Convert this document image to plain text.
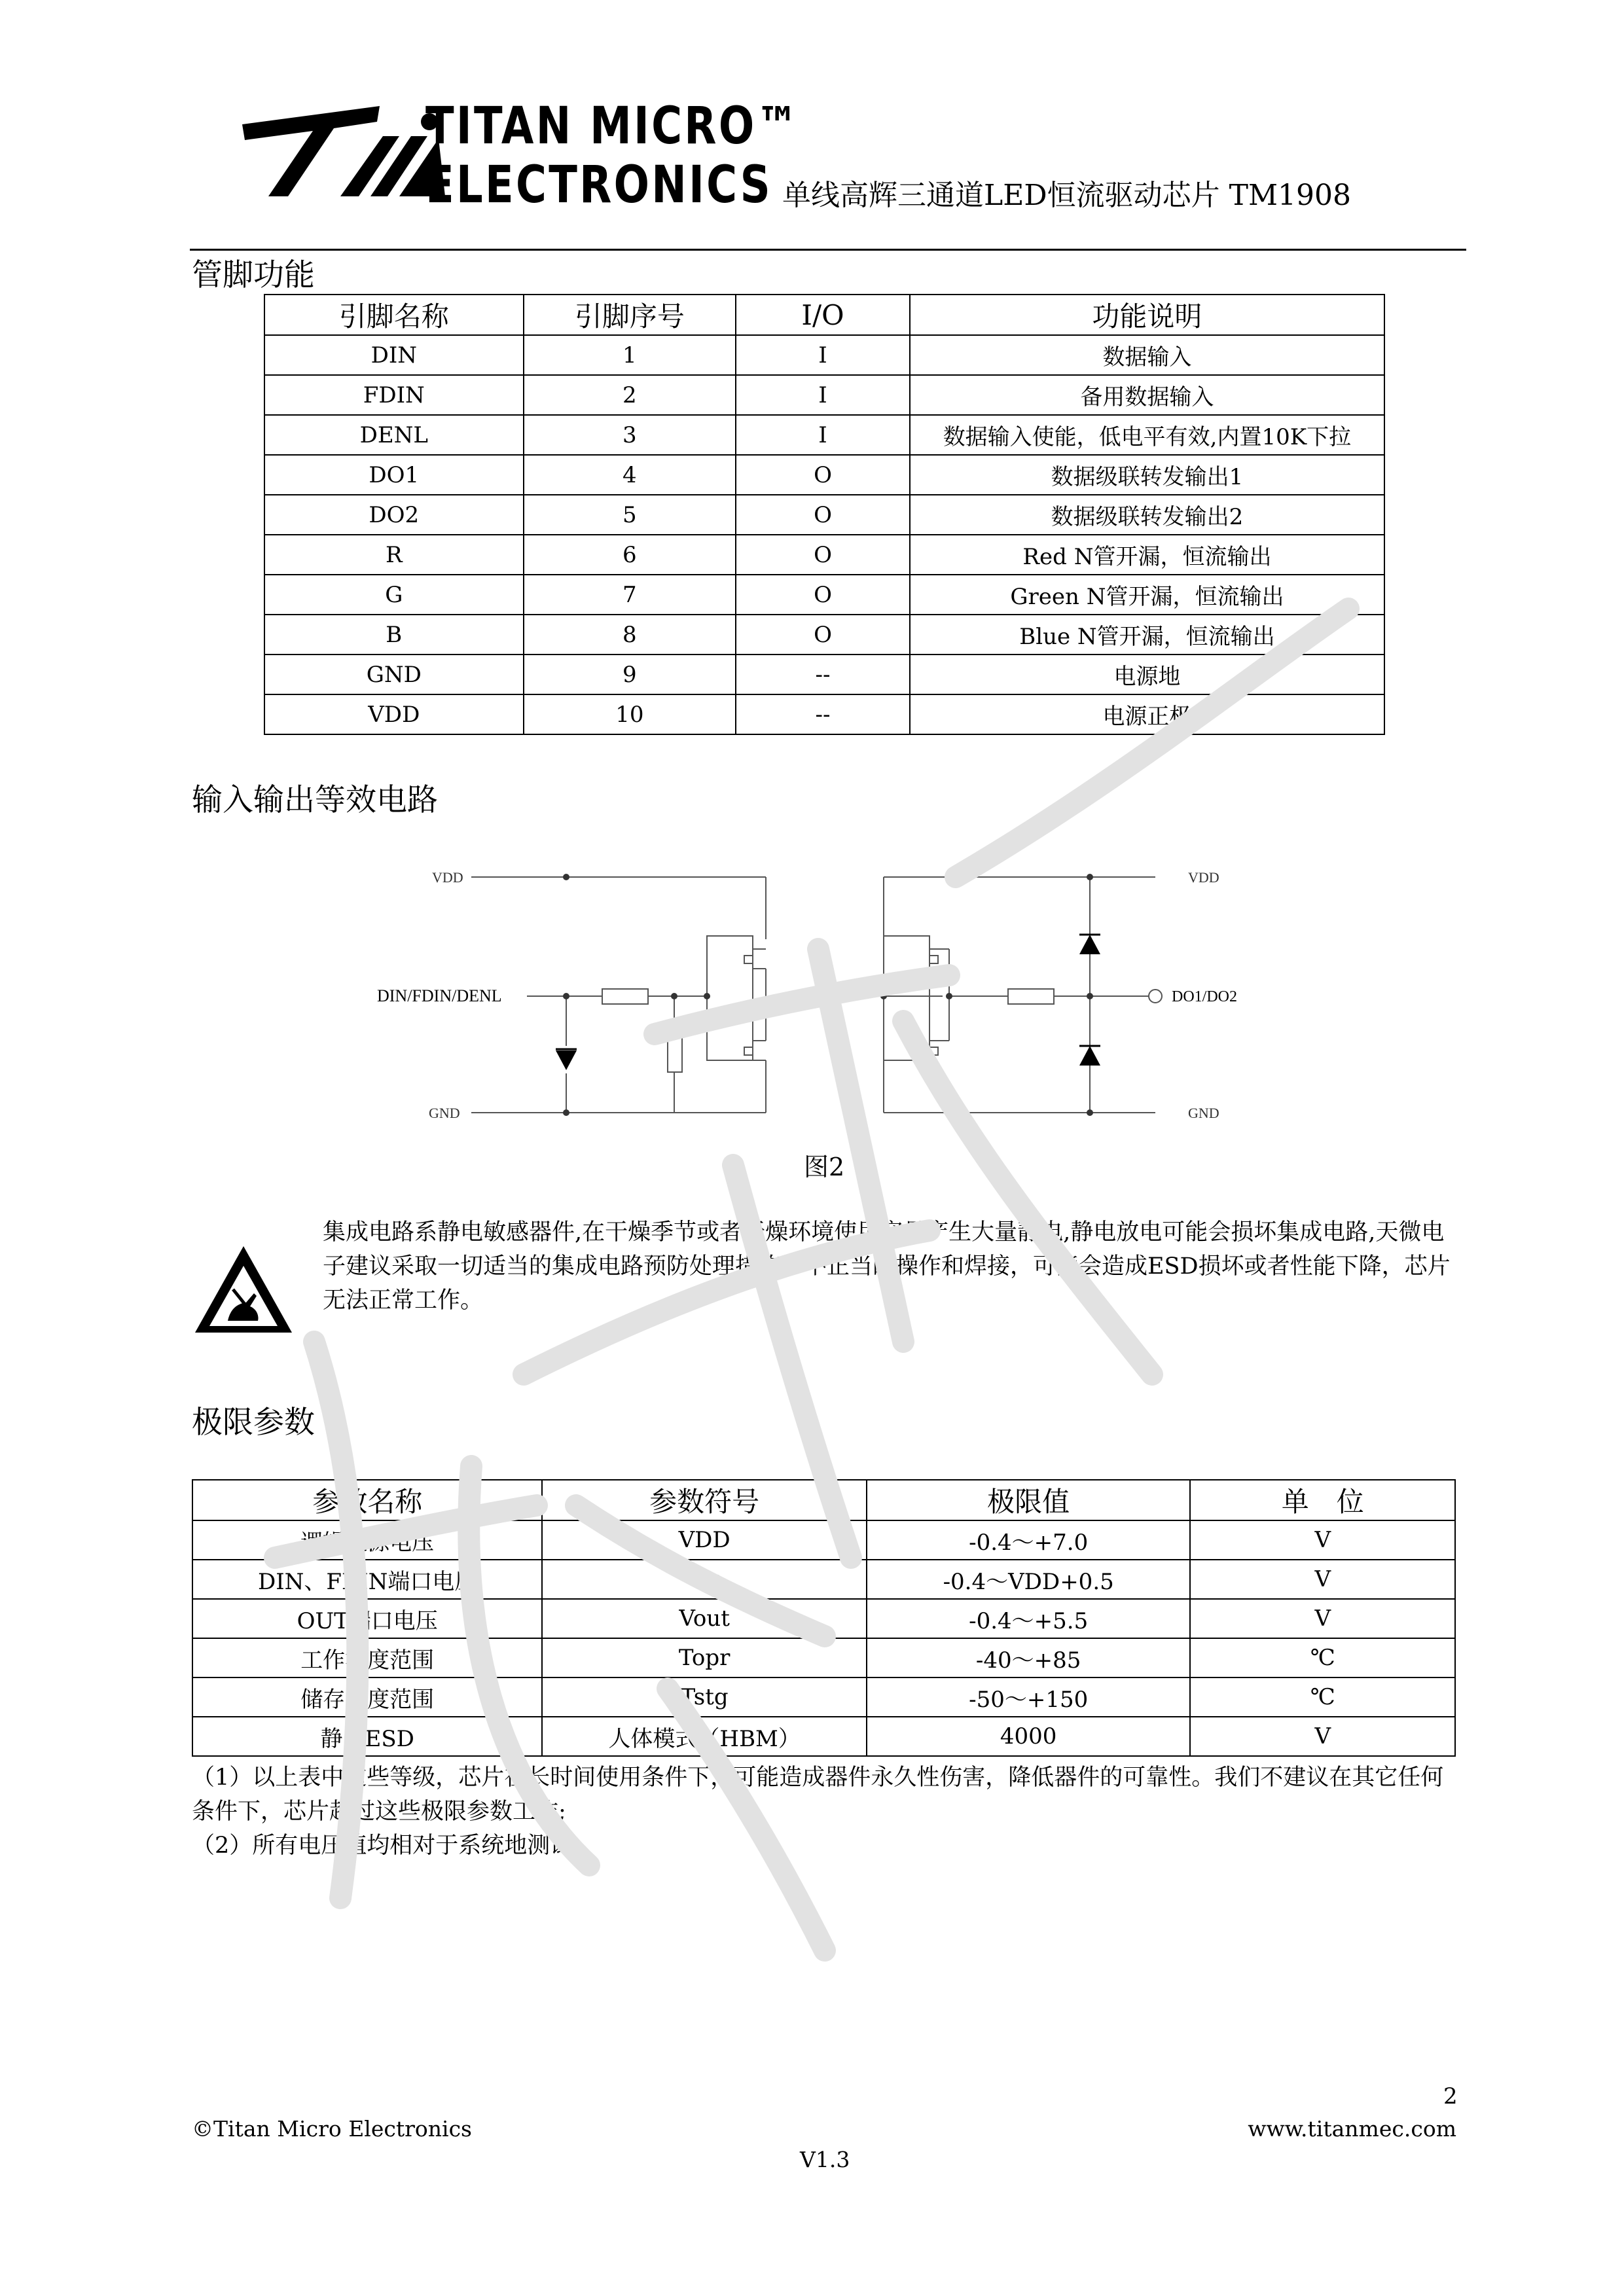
TITAN MICRO™
ELECTRONICS 单线高辉三通道LED恒流驱动芯片 TM1908
管脚功能
引脚名称	引脚序号	I/O	功能说明
DIN	1	I	数据输入
FDIN	2	I	备用数据输入
DENL	3	I	数据输入使能，低电平有效,内置10K下拉
DO1	4	O	数据级联转发输出1
DO2	5	O	数据级联转发输出2
R	6	O	Red N管开漏，恒流输出
G	7	O	Green N管开漏，恒流输出
B	8	O	Blue N管开漏，恒流输出
GND	9	--	电源地
VDD	10	--	电源正极
输入输出等效电路
VDD	VDD
DIN/FDIN/DENL	DO1/DO2
GND	GND
图2
集成电路系静电敏感器件,在干燥季节或者干燥环境使用容易产生大量静电,静电放电可能会损坏集成电路,天微电子建议采取一切适当的集成电路预防处理措施，不正当的操作和焊接，可能会造成ESD损坏或者性能下降，芯片无法正常工作。
极限参数
参数名称	参数符号	极限值	单　位
逻辑电源电压	VDD	-0.4～+7.0	V
DIN、FDIN端口电压	Vin	-0.4～VDD+0.5	V
OUT端口电压	Vout	-0.4～+5.5	V
工作温度范围	Topr	-40～+85	℃
储存温度范围	Tstg	-50～+150	℃
静电ESD	人体模式（HBM）	4000	V
（1）以上表中这些等级，芯片在长时间使用条件下，可能造成器件永久性伤害，降低器件的可靠性。我们不建议在其它任何条件下，芯片超过这些极限参数工作;
（2）所有电压值均相对于系统地测试。
2
©Titan Micro Electronics	www.titanmec.com
V1.3
